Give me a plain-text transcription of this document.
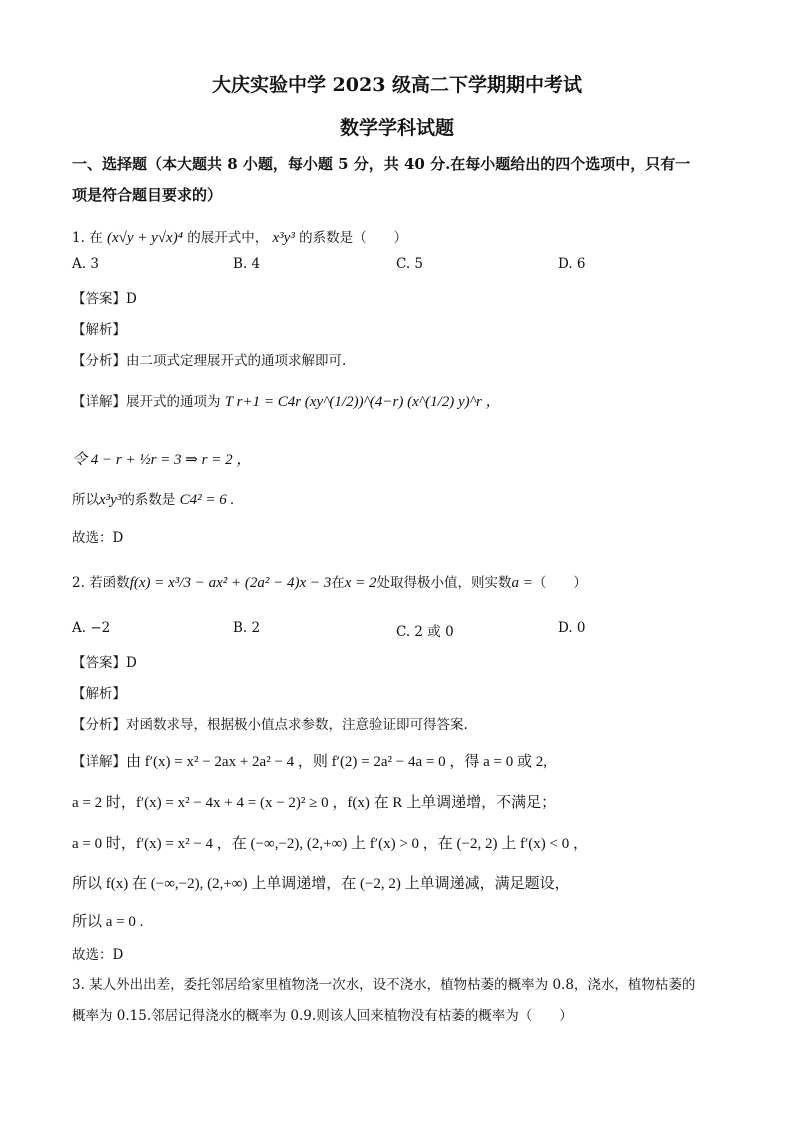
大庆实验中学 2023 级高二下学期期中考试
数学学科试题
一、选择题（本大题共 8 小题，每小题 5 分，共 40 分.在每小题给出的四个选项中，只有一
项是符合题目要求的）
1. 在 (x√y + y√x)⁴ 的展开式中， x³y³ 的系数是（　　）
A. 3	B. 4	C. 5	D. 6
【答案】D
【解析】
【分析】由二项式定理展开式的通项求解即可.
【详解】展开式的通项为 T r+1 = C4r (xy^(1/2))^(4−r) (x^(1/2) y)^r ，
令 4 − r + ½r = 3 ⇒ r = 2 ，
所以x³y³的系数是 C4² = 6 .
故选：D
2. 若函数f(x) = x³/3 − ax² + (2a² − 4)x − 3在x = 2处取得极小值，则实数a =（　　）
A. −2	B. 2	C. 2 或 0	D. 0
【答案】D
【解析】
【分析】对函数求导，根据极小值点求参数，注意验证即可得答案.
【详解】由 f′(x) = x² − 2ax + 2a² − 4 ，则 f′(2) = 2a² − 4a = 0 ，得 a = 0 或 2,
a = 2 时，f′(x) = x² − 4x + 4 = (x − 2)² ≥ 0 ，f(x) 在 R 上单调递增，不满足；
a = 0 时，f′(x) = x² − 4 ，在 (−∞,−2), (2,+∞) 上 f′(x) > 0 ，在 (−2, 2) 上 f′(x) < 0 ，
所以 f(x) 在 (−∞,−2), (2,+∞) 上单调递增，在 (−2, 2) 上单调递减，满足题设，
所以 a = 0 .
故选：D
3. 某人外出出差，委托邻居给家里植物浇一次水，设不浇水，植物枯萎的概率为 0.8，浇水，植物枯萎的
概率为 0.15.邻居记得浇水的概率为 0.9.则该人回来植物没有枯萎的概率为（　　）
